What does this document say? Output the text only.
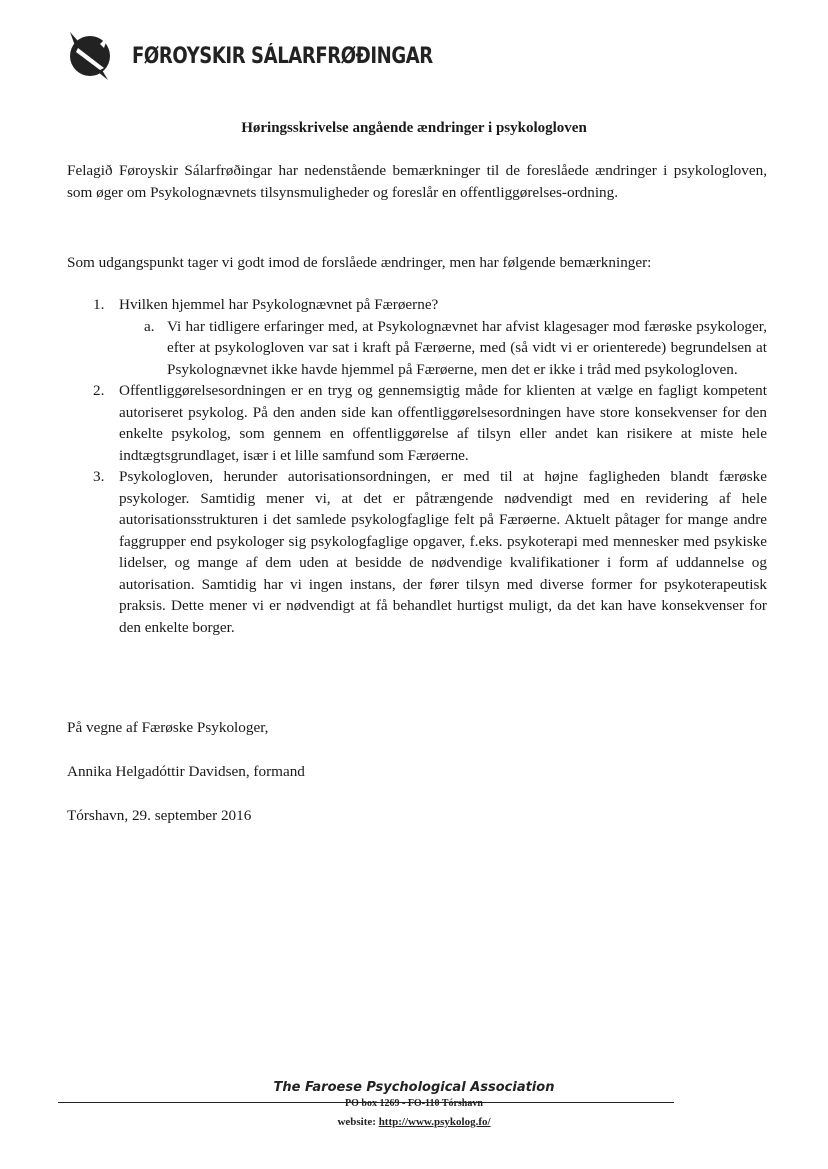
FØROYSKIR SÁLARFRØÐINGAR
Høringsskrivelse angående ændringer i psykologloven
Felagið Føroyskir Sálarfrøðingar har nedenstående bemærkninger til de foreslåede ændringer i psykologloven, som øger om Psykolognævnets tilsynsmuligheder og foreslår en offentliggørelses-ordning.
Som udgangspunkt tager vi godt imod de forslåede ændringer, men har følgende bemærkninger:
1. Hvilken hjemmel har Psykolognævnet på Færøerne?
a. Vi har tidligere erfaringer med, at Psykolognævnet har afvist klagesager mod færøske psykologer, efter at psykologloven var sat i kraft på Færøerne, med (så vidt vi er orienterede) begrundelsen at Psykolognævnet ikke havde hjemmel på Færøerne, men det er ikke i tråd med psykologloven.
2. Offentliggørelsesordningen er en tryg og gennemsigtig måde for klienten at vælge en fagligt kompetent autoriseret psykolog. På den anden side kan offentliggørelsesordningen have store konsekvenser for den enkelte psykolog, som gennem en offentliggørelse af tilsyn eller andet kan risikere at miste hele indtægtsgrundlaget, især i et lille samfund som Færøerne.
3. Psykologloven, herunder autorisationsordningen, er med til at højne fagligheden blandt færøske psykologer. Samtidig mener vi, at det er påtrængende nødvendigt med en revidering af hele autorisationsstrukturen i det samlede psykologfaglige felt på Færøerne. Aktuelt påtager for mange andre faggrupper end psykologer sig psykologfaglige opgaver, f.eks. psykoterapi med mennesker med psykiske lidelser, og mange af dem uden at besidde de nødvendige kvalifikationer i form af uddannelse og autorisation. Samtidig har vi ingen instans, der fører tilsyn med diverse former for psykoterapeutisk praksis. Dette mener vi er nødvendigt at få behandlet hurtigst muligt, da det kan have konsekvenser for den enkelte borger.
På vegne af Færøske Psykologer,
Annika Helgadóttir Davidsen, formand
Tórshavn, 29. september 2016
The Faroese Psychological Association
PO box 1269 - FO-110 Tórshavn
website: http://www.psykolog.fo/
